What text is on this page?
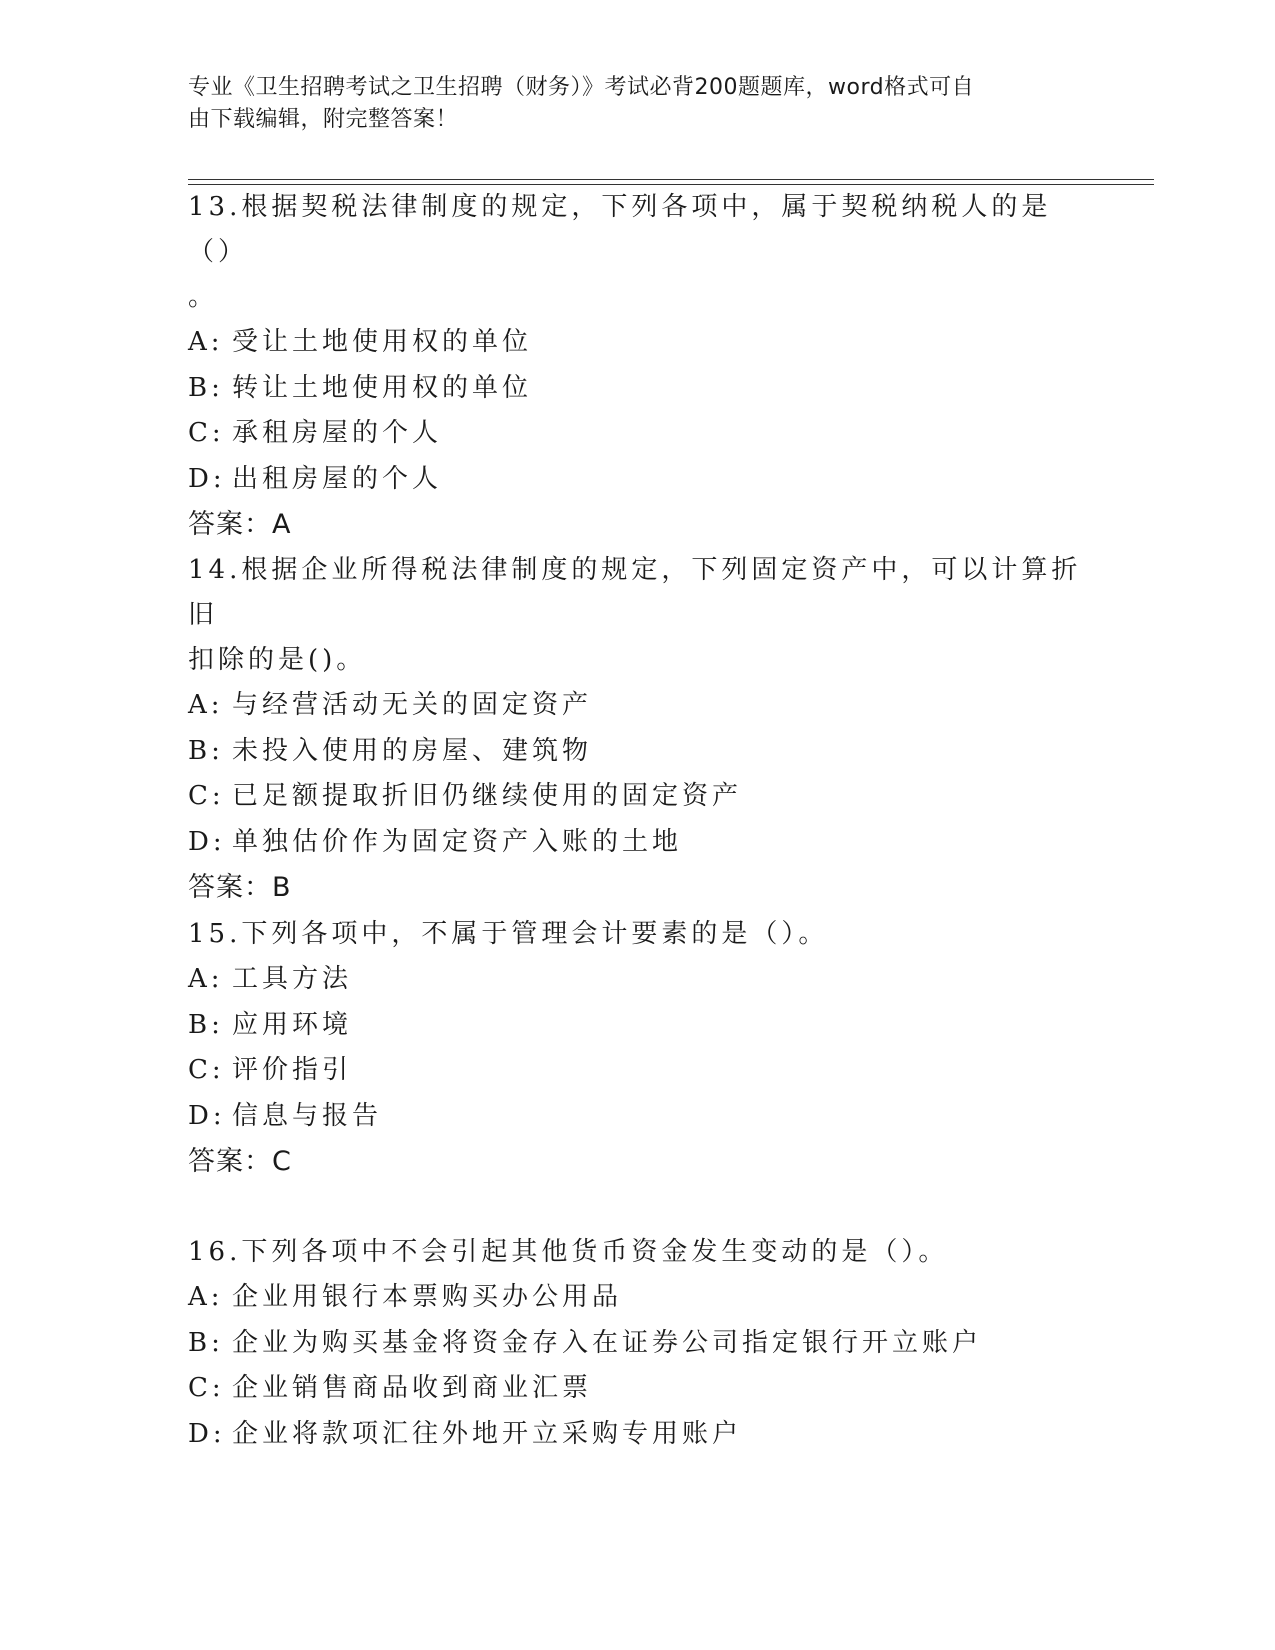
专业《卫生招聘考试之卫生招聘（财务）》考试必背200题题库，word格式可自
由下载编辑，附完整答案！
13.根据契税法律制度的规定，下列各项中，属于契税纳税人的是（）
。
A: 受让土地使用权的单位
B: 转让土地使用权的单位
C: 承租房屋的个人
D: 出租房屋的个人
答案：A
14.根据企业所得税法律制度的规定，下列固定资产中，可以计算折旧
扣除的是()。
A: 与经营活动无关的固定资产
B: 未投入使用的房屋、建筑物
C: 已足额提取折旧仍继续使用的固定资产
D: 单独估价作为固定资产入账的土地
答案：B
15.下列各项中，不属于管理会计要素的是（）。
A: 工具方法
B: 应用环境
C: 评价指引
D: 信息与报告
答案：C
16.下列各项中不会引起其他货币资金发生变动的是（）。
A: 企业用银行本票购买办公用品
B: 企业为购买基金将资金存入在证券公司指定银行开立账户
C: 企业销售商品收到商业汇票
D: 企业将款项汇往外地开立采购专用账户
